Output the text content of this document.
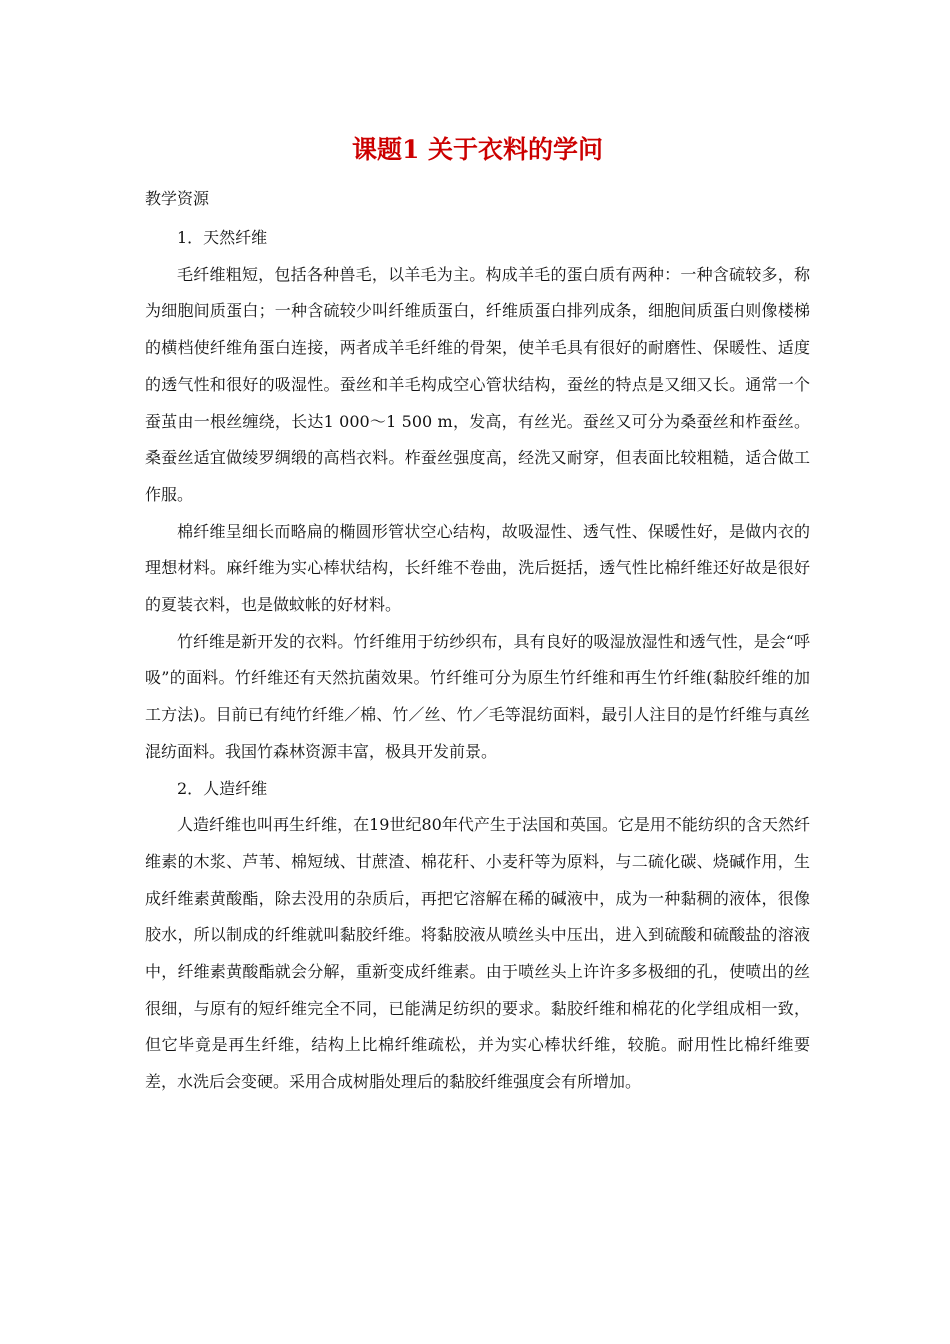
课题1 关于衣料的学问

教学资源

1．天然纤维

毛纤维粗短，包括各种兽毛，以羊毛为主。构成羊毛的蛋白质有两种：一种含硫较多，称为细胞间质蛋白；一种含硫较少叫纤维质蛋白，纤维质蛋白排列成条，细胞间质蛋白则像楼梯的横档使纤维角蛋白连接，两者成羊毛纤维的骨架，使羊毛具有很好的耐磨性、保暖性、适度的透气性和很好的吸湿性。蚕丝和羊毛构成空心管状结构，蚕丝的特点是又细又长。通常一个蚕茧由一根丝缠绕，长达1 000～1 500 m，发高，有丝光。蚕丝又可分为桑蚕丝和柞蚕丝。桑蚕丝适宜做绫罗绸缎的高档衣料。柞蚕丝强度高，经洗又耐穿，但表面比较粗糙，适合做工作服。

棉纤维呈细长而略扁的椭圆形管状空心结构，故吸湿性、透气性、保暖性好，是做内衣的理想材料。麻纤维为实心棒状结构，长纤维不卷曲，洗后挺括，透气性比棉纤维还好故是很好的夏装衣料，也是做蚊帐的好材料。

竹纤维是新开发的衣料。竹纤维用于纺纱织布，具有良好的吸湿放湿性和透气性，是会“呼吸”的面料。竹纤维还有天然抗菌效果。竹纤维可分为原生竹纤维和再生竹纤维(黏胶纤维的加工方法)。目前已有纯竹纤维／棉、竹／丝、竹／毛等混纺面料，最引人注目的是竹纤维与真丝混纺面料。我国竹森林资源丰富，极具开发前景。

2．人造纤维

人造纤维也叫再生纤维，在19世纪80年代产生于法国和英国。它是用不能纺织的含天然纤维素的木浆、芦苇、棉短绒、甘蔗渣、棉花秆、小麦秆等为原料，与二硫化碳、烧碱作用，生成纤维素黄酸酯，除去没用的杂质后，再把它溶解在稀的碱液中，成为一种黏稠的液体，很像胶水，所以制成的纤维就叫黏胶纤维。将黏胶液从喷丝头中压出，进入到硫酸和硫酸盐的溶液中，纤维素黄酸酯就会分解，重新变成纤维素。由于喷丝头上许许多多极细的孔，使喷出的丝很细，与原有的短纤维完全不同，已能满足纺织的要求。黏胶纤维和棉花的化学组成相一致，但它毕竟是再生纤维，结构上比棉纤维疏松，并为实心棒状纤维，较脆。耐用性比棉纤维要差，水洗后会变硬。采用合成树脂处理后的黏胶纤维强度会有所增加。
